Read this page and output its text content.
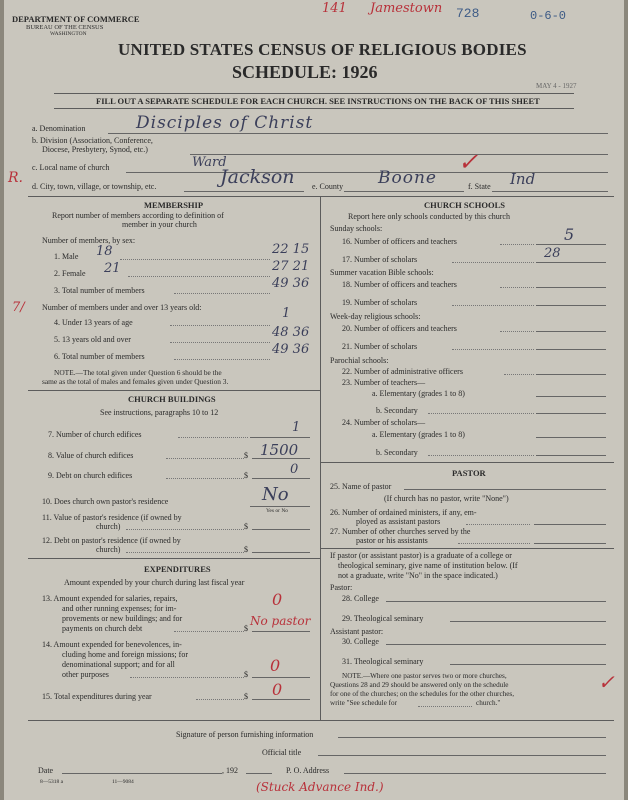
DEPARTMENT OF COMMERCE
BUREAU OF THE CENSUS
WASHINGTON
141 Jamestown 728	0-6-0
UNITED STATES CENSUS OF RELIGIOUS BODIES
SCHEDULE: 1926
MAY 4 - 1927
FILL OUT A SEPARATE SCHEDULE FOR EACH CHURCH. SEE INSTRUCTIONS ON THE BACK OF THIS SHEET
a. Denomination	Disciples of Christ
b. Division (Association, Conference,
Diocese, Presbytery, Synod, etc.)
c. Local name of church	Ward
R.
d. City, town, village, or township, etc.	Jackson e. County Boone
✓
f. State Ind
MEMBERSHIP
Report number of members according to definition of
member in your church
Number of members, by sex:
1. Male 18	22 15
2. Female 21	27 21
3. Total number of members	49 36
7/ Number of members under and over 13 years old:
4. Under 13 years of age
1
5. 13 years old and over	48 36
6. Total number of members	49 36
NOTE.—The total given under Question 6 should be the
same as the total of males and females given under Question 3.
CHURCH BUILDINGS
See instructions, paragraphs 10 to 12
7. Number of church edifices	1
8. Value of church edifices	$ 1500
9. Debt on church edifices	$	0
10. Does church own pastor's residence	No
Yes or No
11. Value of pastor's residence (if owned by
church)	$
12. Debt on pastor's residence (if owned by
church)	$
EXPENDITURES
Amount expended by your church during last fiscal year
13. Amount expended for salaries, repairs,
and other running expenses; for im-
provements or new buildings; and for
payments on church debt	$
0
No pastor
14. Amount expended for benevolences, in-
cluding home and foreign missions; for
denominational support; and for all
other purposes	$ 0
15. Total expenditures during year	$ 0
CHURCH SCHOOLS
Report here only schools conducted by this church
Sunday schools:
16. Number of officers and teachers	5
17. Number of scholars	28
Summer vacation Bible schools:
18. Number of officers and teachers
19. Number of scholars
Week-day religious schools:
20. Number of officers and teachers
21. Number of scholars
Parochial schools:
22. Number of administrative officers
23. Number of teachers—
a. Elementary (grades 1 to 8)
b. Secondary
24. Number of scholars—
a. Elementary (grades 1 to 8)
b. Secondary
PASTOR
25. Name of pastor
(If church has no pastor, write "None")
26. Number of ordained ministers, if any, em-
ployed as assistant pastors
27. Number of other churches served by the
pastor or his assistants
If pastor (or assistant pastor) is a graduate of a college or
theological seminary, give name of institution below. (If
not a graduate, write "No" in the space indicated.)
Pastor:
28. College
29. Theological seminary
Assistant pastor:
30. College
31. Theological seminary
NOTE.—Where one pastor serves two or more churches,
Questions 28 and 29 should be answered only on the schedule
for one of the churches; on the schedules for the other churches,
write "See schedule for	church."
✓
Signature of person furnishing information
Official title
Date	, 192	P. O. Address
8—5318 a	11—9084	(Stuck Advance Ind.)
